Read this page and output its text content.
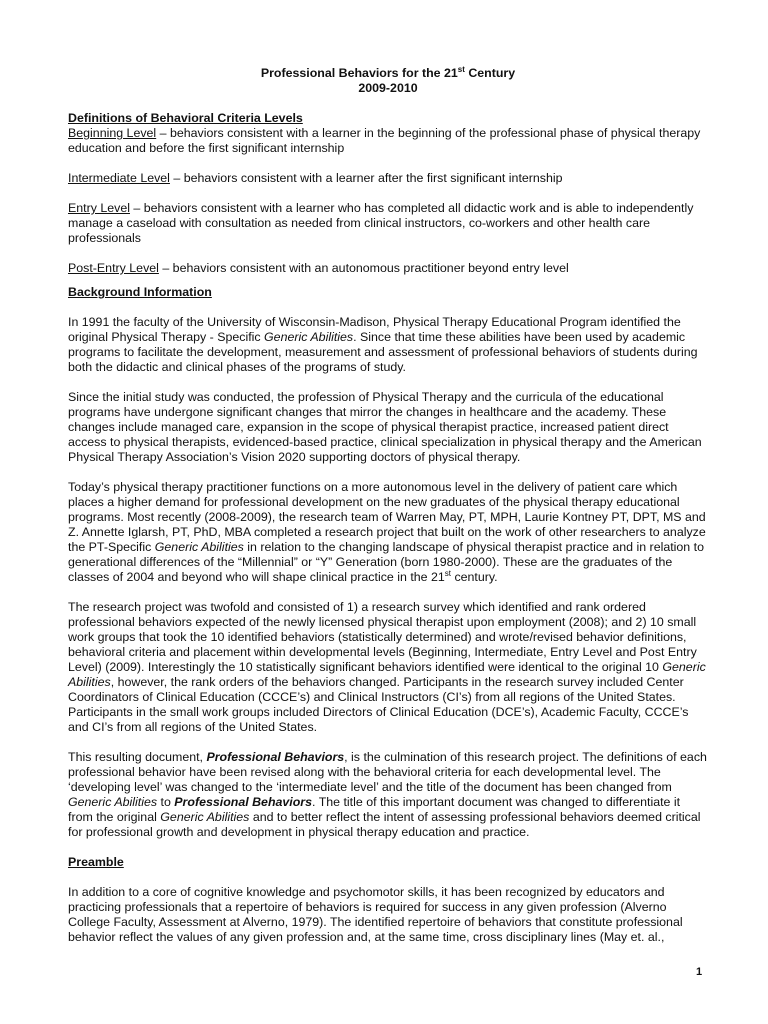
Professional Behaviors for the 21st Century
2009-2010
Definitions of Behavioral Criteria Levels

Beginning Level – behaviors consistent with a learner in the beginning of the professional phase of physical therapy education and before the first significant internship

Intermediate Level – behaviors consistent with a learner after the first significant internship

Entry Level – behaviors consistent with a learner who has completed all didactic work and is able to independently manage a caseload with consultation as needed from clinical instructors, co-workers and other health care professionals

Post-Entry Level – behaviors consistent with an autonomous practitioner beyond entry level

Background Information

In 1991 the faculty of the University of Wisconsin-Madison, Physical Therapy Educational Program identified the original Physical Therapy - Specific Generic Abilities. Since that time these abilities have been used by academic programs to facilitate the development, measurement and assessment of professional behaviors of students during both the didactic and clinical phases of the programs of study.

Since the initial study was conducted, the profession of Physical Therapy and the curricula of the educational programs have undergone significant changes that mirror the changes in healthcare and the academy. These changes include managed care, expansion in the scope of physical therapist practice, increased patient direct access to physical therapists, evidenced-based practice, clinical specialization in physical therapy and the American Physical Therapy Association’s Vision 2020 supporting doctors of physical therapy.

Today’s physical therapy practitioner functions on a more autonomous level in the delivery of patient care which places a higher demand for professional development on the new graduates of the physical therapy educational programs. Most recently (2008-2009), the research team of Warren May, PT, MPH, Laurie Kontney PT, DPT, MS and Z. Annette Iglarsh, PT, PhD, MBA completed a research project that built on the work of other researchers to analyze the PT-Specific Generic Abilities in relation to the changing landscape of physical therapist practice and in relation to generational differences of the “Millennial” or “Y” Generation (born 1980-2000). These are the graduates of the classes of 2004 and beyond who will shape clinical practice in the 21st century.

The research project was twofold and consisted of 1) a research survey which identified and rank ordered professional behaviors expected of the newly licensed physical therapist upon employment (2008); and 2) 10 small work groups that took the 10 identified behaviors (statistically determined) and wrote/revised behavior definitions, behavioral criteria and placement within developmental levels (Beginning, Intermediate, Entry Level and Post Entry Level) (2009). Interestingly the 10 statistically significant behaviors identified were identical to the original 10 Generic Abilities, however, the rank orders of the behaviors changed. Participants in the research survey included Center Coordinators of Clinical Education (CCCE’s) and Clinical Instructors (CI’s) from all regions of the United States. Participants in the small work groups included Directors of Clinical Education (DCE’s), Academic Faculty, CCCE’s and CI’s from all regions of the United States.

This resulting document, Professional Behaviors, is the culmination of this research project. The definitions of each professional behavior have been revised along with the behavioral criteria for each developmental level. The ‘developing level’ was changed to the ‘intermediate level’ and the title of the document has been changed from Generic Abilities to Professional Behaviors. The title of this important document was changed to differentiate it from the original Generic Abilities and to better reflect the intent of assessing professional behaviors deemed critical for professional growth and development in physical therapy education and practice.

Preamble

In addition to a core of cognitive knowledge and psychomotor skills, it has been recognized by educators and practicing professionals that a repertoire of behaviors is required for success in any given profession (Alverno College Faculty, Assessment at Alverno, 1979). The identified repertoire of behaviors that constitute professional behavior reflect the values of any given profession and, at the same time, cross disciplinary lines (May et. al.,

1
